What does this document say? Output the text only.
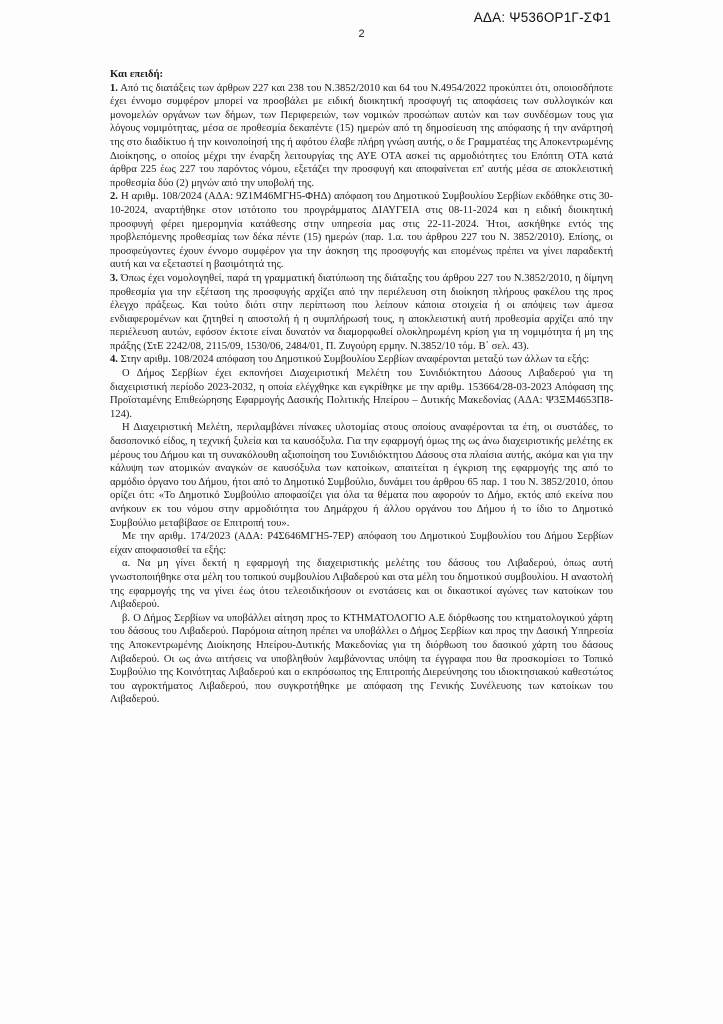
ΑΔΑ: Ψ536ΟΡ1Γ-ΣΦ1
2

Και επειδή:

1. Από τις διατάξεις των άρθρων 227 και 238 του Ν.3852/2010 και 64 του Ν.4954/2022 προκύπτει ότι, οποιοσδήποτε έχει έννομο συμφέρον μπορεί να προσβάλει με ειδική διοικητική προσφυγή τις αποφάσεις των συλλογικών και μονομελών οργάνων των δήμων, των Περιφερειών, των νομικών προσώπων αυτών και των συνδέσμων τους για λόγους νομιμότητας, μέσα σε προθεσμία δεκαπέντε (15) ημερών από τη δημοσίευση της απόφασης ή την ανάρτησή της στο διαδίκτυο ή την κοινοποίησή της ή αφότου έλαβε πλήρη γνώση αυτής, ο δε Γραμματέας της Αποκεντρωμένης Διοίκησης, ο οποίος μέχρι την έναρξη λειτουργίας της ΑΥΕ ΟΤΑ ασκεί τις αρμοδιότητες του Επόπτη ΟΤΑ κατά άρθρα 225 έως 227 του παρόντος νόμου, εξετάζει την προσφυγή και αποφαίνεται επ' αυτής μέσα σε αποκλειστική προθεσμία δύο (2) μηνών από την υποβολή της.

2. Η αριθμ. 108/2024 (ΑΔΑ: 9Ζ1Μ46ΜΓΗ5-ΦΗΔ) απόφαση του Δημοτικού Συμβουλίου Σερβίων εκδόθηκε στις 30-10-2024, αναρτήθηκε στον ιστότοπο του προγράμματος ΔΙΑΥΓΕΙΑ στις 08-11-2024 και η ειδική διοικητική προσφυγή φέρει ημερομηνία κατάθεσης στην υπηρεσία μας στις 22-11-2024. Ήτοι, ασκήθηκε εντός της προβλεπόμενης προθεσμίας των δέκα πέντε (15) ημερών (παρ. 1.α. του άρθρου 227 του Ν. 3852/2010). Επίσης, οι προσφεύγοντες έχουν έννομο συμφέρον για την άσκηση της προσφυγής και επομένως πρέπει να γίνει παραδεκτή αυτή και να εξεταστεί η βασιμότητά της.

3. Όπως έχει νομολογηθεί, παρά τη γραμματική διατύπωση της διάταξης του άρθρου 227 του Ν.3852/2010, η δίμηνη προθεσμία για την εξέταση της προσφυγής αρχίζει από την περιέλευση στη διοίκηση πλήρους φακέλου της προς έλεγχο πράξεως. Και τούτο διότι στην περίπτωση που λείπουν κάποια στοιχεία ή οι απόψεις των άμεσα ενδιαφερομένων και ζητηθεί η αποστολή ή η συμπλήρωσή τους, η αποκλειστική αυτή προθεσμία αρχίζει από την περιέλευση αυτών, εφόσον έκτοτε είναι δυνατόν να διαμορφωθεί ολοκληρωμένη κρίση για τη νομιμότητα ή μη της πράξης (ΣτΕ 2242/08, 2115/09, 1530/06, 2484/01, Π. Ζυγούρη ερμην. Ν.3852/10 τόμ. Β΄ σελ. 43).

4. Στην αριθμ. 108/2024 απόφαση του Δημοτικού Συμβουλίου Σερβίων αναφέρονται μεταξύ των άλλων τα εξής:

Ο Δήμος Σερβίων έχει εκπονήσει Διαχειριστική Μελέτη του Συνιδιόκτητου Δάσους Λιβαδερού για τη διαχειριστική περίοδο 2023-2032, η οποία ελέγχθηκε και εγκρίθηκε με την αριθμ. 153664/28-03-2023 Απόφαση της Προϊσταμένης Επιθεώρησης Εφαρμογής Δασικής Πολιτικής Ηπείρου – Δυτικής Μακεδονίας (ΑΔΑ: Ψ3ΞΜ4653Π8-124).

Η Διαχειριστική Μελέτη, περιλαμβάνει πίνακες υλοτομίας στους οποίους αναφέρονται τα έτη, οι συστάδες, το δασοπονικό είδος, η τεχνική ξυλεία και τα καυσόξυλα. Για την εφαρμογή όμως της ως άνω διαχειριστικής μελέτης εκ μέρους του Δήμου και τη συνακόλουθη αξιοποίηση του Συνιδιόκτητου Δάσους στα πλαίσια αυτής, ακόμα και για την κάλυψη των ατομικών αναγκών σε καυσόξυλα των κατοίκων, απαιτείται η έγκριση της εφαρμογής της από το αρμόδιο όργανο του Δήμου, ήτοι από το Δημοτικό Συμβούλιο, δυνάμει του άρθρου 65 παρ. 1 του Ν. 3852/2010, όπου ορίζει ότι: «Το Δημοτικό Συμβούλιο αποφασίζει για όλα τα θέματα που αφορούν το Δήμο, εκτός από εκείνα που ανήκουν εκ του νόμου στην αρμοδιότητα του Δημάρχου ή άλλου οργάνου του Δήμου ή το ίδιο το Δημοτικό Συμβούλιο μεταβίβασε σε Επιτροπή του».

Με την αριθμ. 174/2023 (ΑΔΑ: Ρ4Σ646ΜΓΗ5-7ΕΡ) απόφαση του Δημοτικού Συμβουλίου του Δήμου Σερβίων είχαν αποφασισθεί τα εξής:

α. Να μη γίνει δεκτή η εφαρμογή της διαχειριστικής μελέτης του δάσους του Λιβαδερού, όπως αυτή γνωστοποιήθηκε στα μέλη του τοπικού συμβουλίου Λιβαδερού και στα μέλη του δημοτικού συμβουλίου. Η αναστολή της εφαρμογής της να γίνει έως ότου τελεσιδικήσουν οι ενστάσεις και οι δικαστικοί αγώνες των κατοίκων του Λιβαδερού.

β. Ο Δήμος Σερβίων να υποβάλλει αίτηση προς το ΚΤΗΜΑΤΟΛΟΓΙΟ Α.Ε διόρθωσης του κτηματολογικού χάρτη του δάσους του Λιβαδερού. Παρόμοια αίτηση πρέπει να υποβάλλει ο Δήμος Σερβίων και προς την Δασική Υπηρεσία της Αποκεντρωμένης Διοίκησης Ηπείρου-Δυτικής Μακεδονίας για τη διόρθωση του δασικού χάρτη του δάσους Λιβαδερού. Οι ως άνω αιτήσεις να υποβληθούν λαμβάνοντας υπόψη τα έγγραφα που θα προσκομίσει το Τοπικό Συμβούλιο της Κοινότητας Λιβαδερού και ο εκπρόσωπος της Επιτροπής Διερεύνησης του ιδιοκτησιακού καθεστώτος του αγροκτήματος Λιβαδερού, που συγκροτήθηκε με απόφαση της Γενικής Συνέλευσης των κατοίκων του Λιβαδερού.
